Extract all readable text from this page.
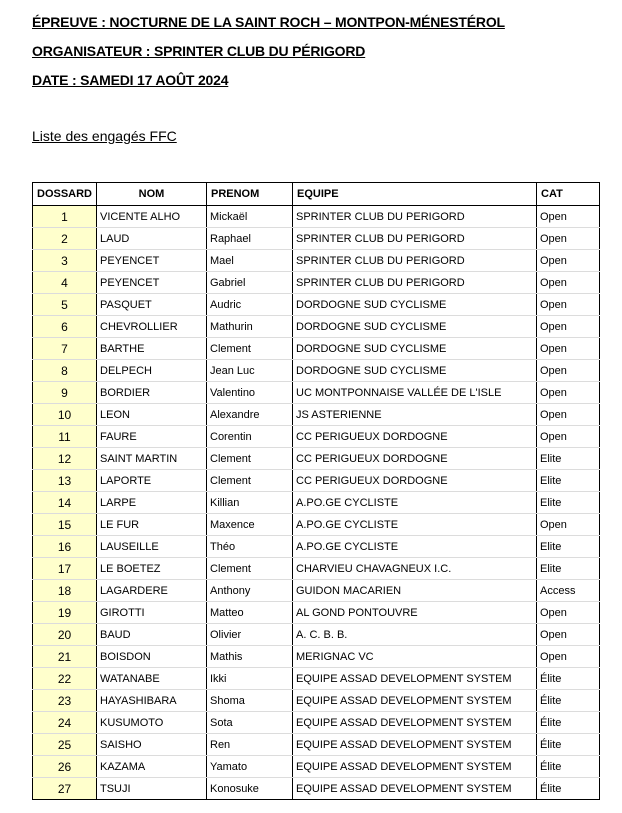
ÉPREUVE : NOCTURNE DE LA SAINT ROCH – MONTPON-MÉNESTÉROL
ORGANISATEUR : SPRINTER CLUB DU PÉRIGORD
DATE : SAMEDI 17 AOÛT 2024
Liste des engagés FFC
DOSSARD	NOM	PRENOM	EQUIPE	CAT
1	VICENTE ALHO	Mickaël	SPRINTER CLUB DU PERIGORD	Open
2	LAUD	Raphael	SPRINTER CLUB DU PERIGORD	Open
3	PEYENCET	Mael	SPRINTER CLUB DU PERIGORD	Open
4	PEYENCET	Gabriel	SPRINTER CLUB DU PERIGORD	Open
5	PASQUET	Audric	DORDOGNE SUD CYCLISME	Open
6	CHEVROLLIER	Mathurin	DORDOGNE SUD CYCLISME	Open
7	BARTHE	Clement	DORDOGNE SUD CYCLISME	Open
8	DELPECH	Jean Luc	DORDOGNE SUD CYCLISME	Open
9	BORDIER	Valentino	UC MONTPONNAISE VALLÉE DE L'ISLE	Open
10	LEON	Alexandre	JS ASTERIENNE	Open
11	FAURE	Corentin	CC PERIGUEUX DORDOGNE	Open
12	SAINT MARTIN	Clement	CC PERIGUEUX DORDOGNE	Elite
13	LAPORTE	Clement	CC PERIGUEUX DORDOGNE	Elite
14	LARPE	Killian	A.PO.GE CYCLISTE	Elite
15	LE FUR	Maxence	A.PO.GE CYCLISTE	Open
16	LAUSEILLE	Théo	A.PO.GE CYCLISTE	Elite
17	LE BOETEZ	Clement	CHARVIEU CHAVAGNEUX I.C.	Elite
18	LAGARDERE	Anthony	GUIDON MACARIEN	Access
19	GIROTTI	Matteo	AL GOND PONTOUVRE	Open
20	BAUD	Olivier	A. C. B. B.	Open
21	BOISDON	Mathis	MERIGNAC VC	Open
22	WATANABE	Ikki	EQUIPE ASSAD DEVELOPMENT SYSTEM	Élite
23	HAYASHIBARA	Shoma	EQUIPE ASSAD DEVELOPMENT SYSTEM	Élite
24	KUSUMOTO	Sota	EQUIPE ASSAD DEVELOPMENT SYSTEM	Élite
25	SAISHO	Ren	EQUIPE ASSAD DEVELOPMENT SYSTEM	Élite
26	KAZAMA	Yamato	EQUIPE ASSAD DEVELOPMENT SYSTEM	Élite
27	TSUJI	Konosuke	EQUIPE ASSAD DEVELOPMENT SYSTEM	Élite
